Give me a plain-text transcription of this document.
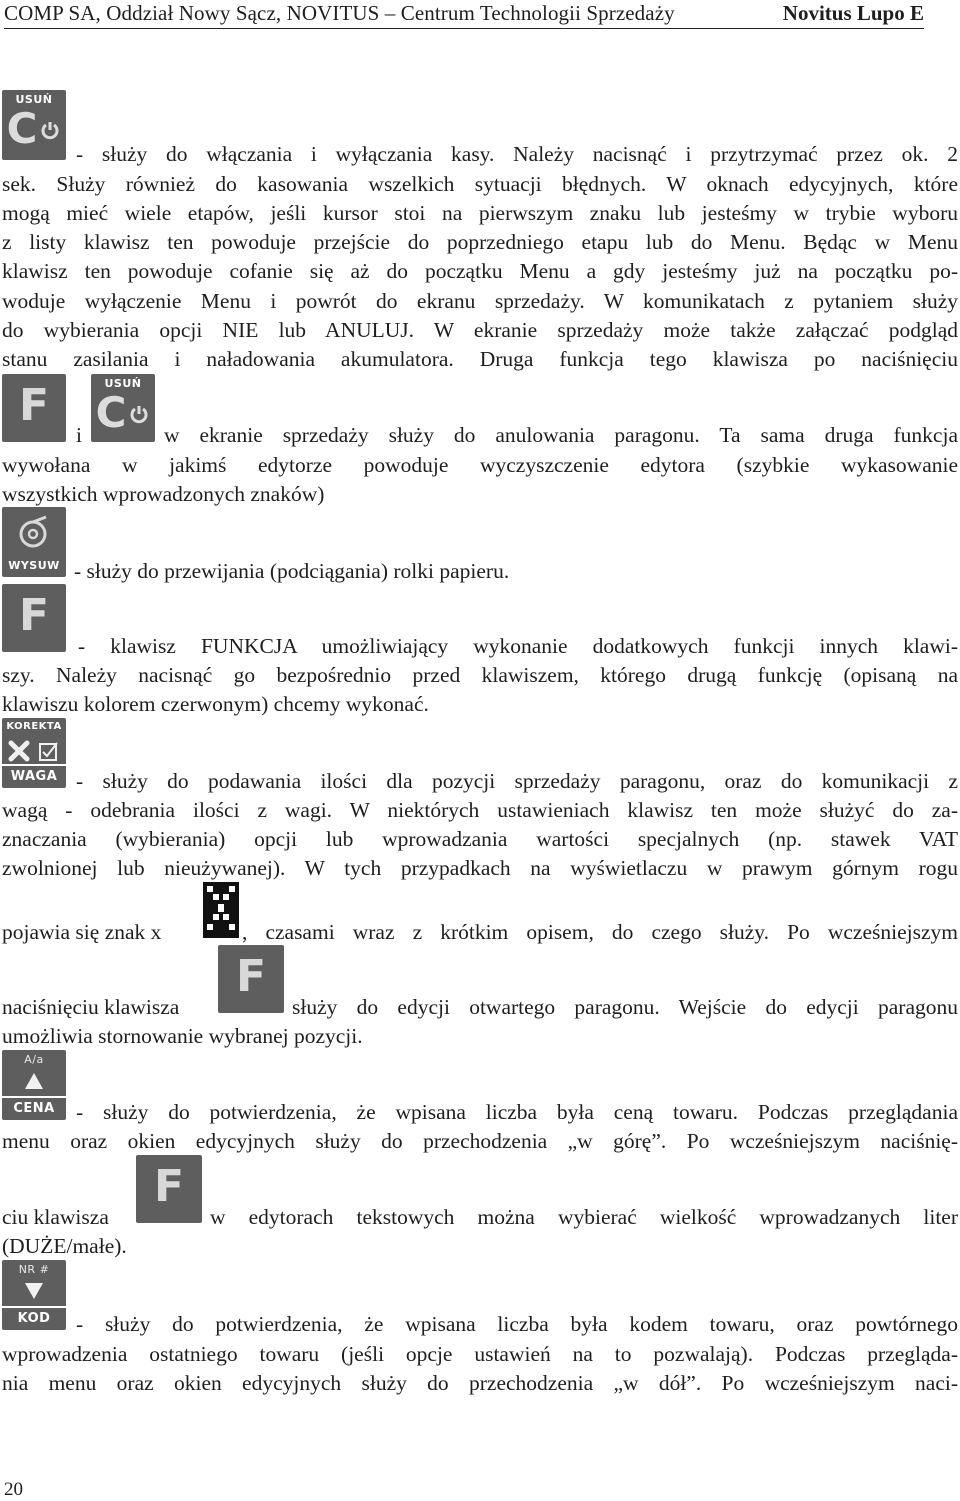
COMP SA, Oddział Nowy Sącz, NOVITUS – Centrum Technologii Sprzedaży	Novitus Lupo E
USUŃ
C
- służy do włączania i wyłączania kasy. Należy nacisnąć i przytrzymać przez ok. 2
sek. Służy również do kasowania wszelkich sytuacji błędnych. W oknach edycyjnych, które
mogą mieć wiele etapów, jeśli kursor stoi na pierwszym znaku lub jesteśmy w trybie wyboru
z listy klawisz ten powoduje przejście do poprzedniego etapu lub do Menu. Będąc w Menu
klawisz ten powoduje cofanie się aż do początku Menu a gdy jesteśmy już na początku po-
woduje wyłączenie Menu i powrót do ekranu sprzedaży. W komunikatach z pytaniem służy
do wybierania opcji NIE lub ANULUJ. W ekranie sprzedaży może także załączać podgląd
stanu zasilania i naładowania akumulatora. Druga funkcja tego klawisza po naciśnięciu
F
i
USUŃ
C	w ekranie sprzedaży służy do anulowania paragonu. Ta sama druga funkcja
wywołana w jakimś edytorze powoduje wyczyszczenie edytora (szybkie wykasowanie
wszystkich wprowadzonych znaków)
WYSUW - służy do przewijania (podciągania) rolki papieru.
F
- klawisz FUNKCJA umożliwiający wykonanie dodatkowych funkcji innych klawi-
szy. Należy nacisnąć go bezpośrednio przed klawiszem, którego drugą funkcję (opisaną na
klawiszu kolorem czerwonym) chcemy wykonać.
KOREKTA
WAGA - służy do podawania ilości dla pozycji sprzedaży paragonu, oraz do komunikacji z
wagą - odebrania ilości z wagi. W niektórych ustawieniach klawisz ten może służyć do za-
znaczania (wybierania) opcji lub wprowadzania wartości specjalnych (np. stawek VAT
zwolnionej lub nieużywanej). W tych przypadkach na wyświetlaczu w prawym górnym rogu
pojawia się znak x	, czasami wraz z krótkim opisem, do czego służy. Po wcześniejszym
naciśnięciu klawisza
F
służy do edycji otwartego paragonu. Wejście do edycji paragonu
umożliwia stornowanie wybranej pozycji.
A/a
CENA - służy do potwierdzenia, że wpisana liczba była ceną towaru. Podczas przeglądania
menu oraz okien edycyjnych służy do przechodzenia „w górę”. Po wcześniejszym naciśnię-
ciu klawisza
F
w edytorach tekstowych można wybierać wielkość wprowadzanych liter
(DUŻE/małe).
NR #
KOD	- służy do potwierdzenia, że wpisana liczba była kodem towaru, oraz powtórnego
wprowadzenia ostatniego towaru (jeśli opcje ustawień na to pozwalają). Podczas przegląda-
nia menu oraz okien edycyjnych służy do przechodzenia „w dół”. Po wcześniejszym naci-
20
